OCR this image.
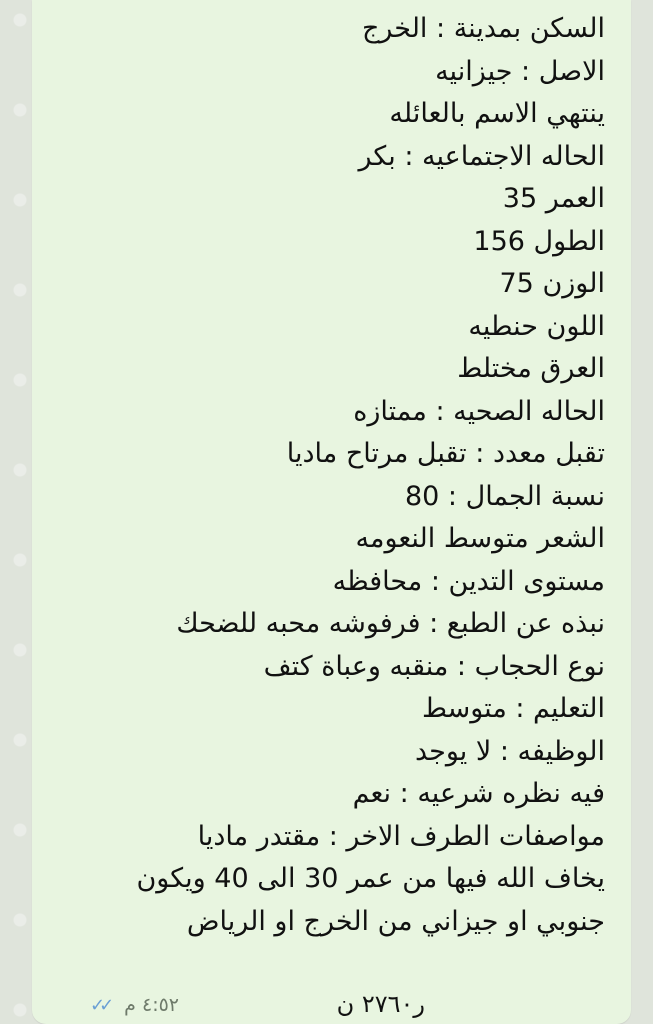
السكن بمدينة : الخرج
الاصل : جيزانيه
ينتهي الاسم بالعائله
الحاله الاجتماعيه : بكر
العمر 35
الطول 156
الوزن 75
اللون حنطيه
العرق مختلط
الحاله الصحيه : ممتازه
تقبل معدد : تقبل مرتاح ماديا
نسبة الجمال : 80
الشعر متوسط النعومه
مستوى التدين : محافظه
نبذه عن الطبع : فرفوشه محبه للضحك
نوع الحجاب : منقبه وعباة كتف
التعليم : متوسط
الوظيفه : لا يوجد
فيه نظره شرعيه : نعم
مواصفات الطرف الاخر : مقتدر ماديا
يخاف الله فيها من عمر 30 الى 40 ويكون
جنوبي او جيزاني من الخرج او الرياض
ر٢٧٦٠ ن
✓✓ ٤:٥٢ م
